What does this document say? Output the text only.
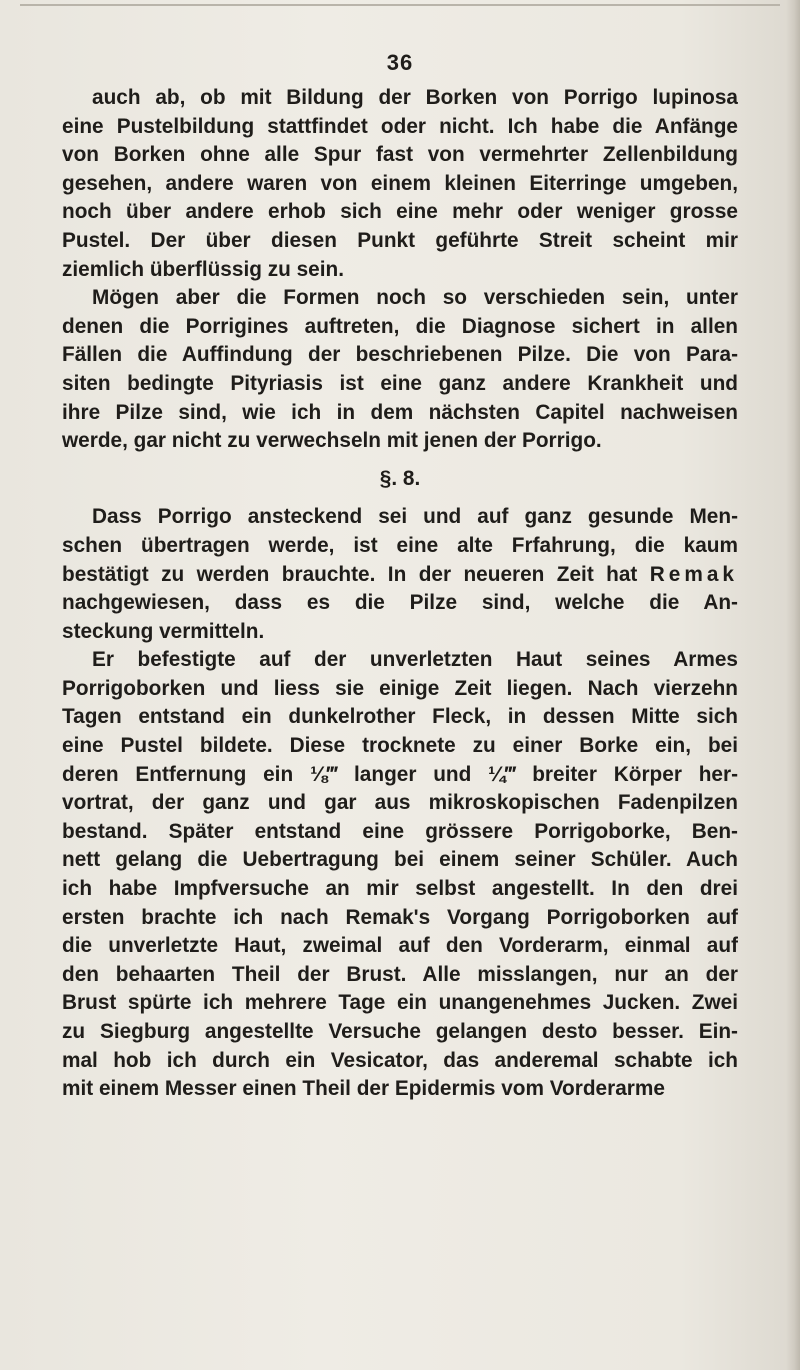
36
auch ab, ob mit Bildung der Borken von Porrigo lupinosa
eine Pustelbildung stattfindet oder nicht. Ich habe die Anfänge
von Borken ohne alle Spur fast von vermehrter Zellenbildung
gesehen, andere waren von einem kleinen Eiterringe umgeben,
noch über andere erhob sich eine mehr oder weniger grosse
Pustel. Der über diesen Punkt geführte Streit scheint mir
ziemlich überflüssig zu sein.
Mögen aber die Formen noch so verschieden sein, unter
denen die Porrigines auftreten, die Diagnose sichert in allen
Fällen die Auffindung der beschriebenen Pilze. Die von Para-
siten bedingte Pityriasis ist eine ganz andere Krankheit und
ihre Pilze sind, wie ich in dem nächsten Capitel nachweisen
werde, gar nicht zu verwechseln mit jenen der Porrigo.
§. 8.
Dass Porrigo ansteckend sei und auf ganz gesunde Men-
schen übertragen werde, ist eine alte Frfahrung, die kaum
bestätigt zu werden brauchte. In der neueren Zeit hat Remak
nachgewiesen, dass es die Pilze sind, welche die An-
steckung vermitteln.
Er befestigte auf der unverletzten Haut seines Armes
Porrigoborken und liess sie einige Zeit liegen. Nach vierzehn
Tagen entstand ein dunkelrother Fleck, in dessen Mitte sich
eine Pustel bildete. Diese trocknete zu einer Borke ein, bei
deren Entfernung ein ⅛‴ langer und ¼‴ breiter Körper her-
vortrat, der ganz und gar aus mikroskopischen Fadenpilzen
bestand. Später entstand eine grössere Porrigoborke, Ben-
nett gelang die Uebertragung bei einem seiner Schüler. Auch
ich habe Impfversuche an mir selbst angestellt. In den drei
ersten brachte ich nach Remak's Vorgang Porrigoborken auf
die unverletzte Haut, zweimal auf den Vorderarm, einmal auf
den behaarten Theil der Brust. Alle misslangen, nur an der
Brust spürte ich mehrere Tage ein unangenehmes Jucken. Zwei
zu Siegburg angestellte Versuche gelangen desto besser. Ein-
mal hob ich durch ein Vesicator, das anderemal schabte ich
mit einem Messer einen Theil der Epidermis vom Vorderarme
